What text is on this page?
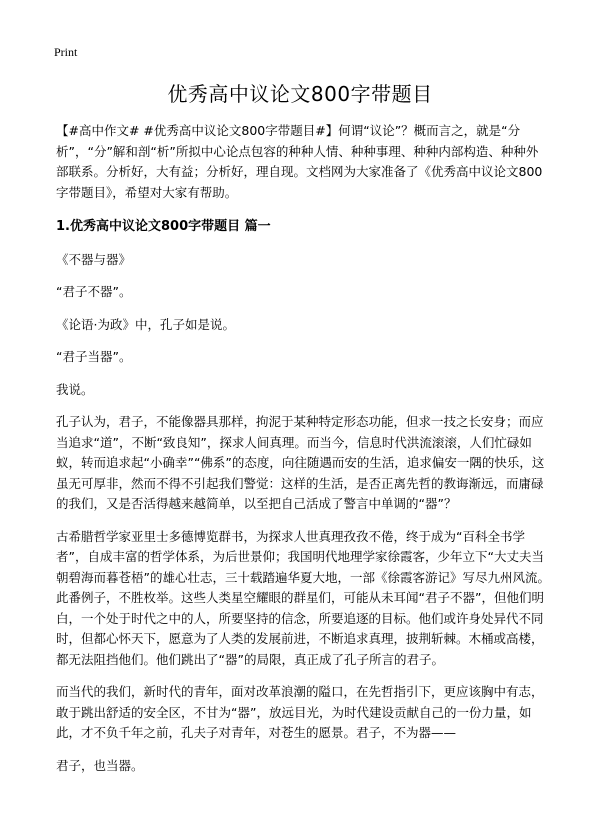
Print
优秀高中议论文800字带题目

【#高中作文# #优秀高中议论文800字带题目#】何谓“议论”？概而言之，就是“分析”，“分”解和剖“析”所拟中心论点包容的种种人情、种种事理、种种内部构造、种种外部联系。分析好，大有益；分析好，理自现。文档网为大家准备了《优秀高中议论文800字带题目》，希望对大家有帮助。

1.优秀高中议论文800字带题目 篇一

《不器与器》

“君子不器”。

《论语·为政》中，孔子如是说。

“君子当器”。

我说。

孔子认为，君子，不能像器具那样，拘泥于某种特定形态功能，但求一技之长安身；而应当追求“道”，不断“致良知”，探求人间真理。而当今，信息时代洪流滚滚，人们忙碌如蚁，转而追求起“小确幸”“佛系”的态度，向往随遇而安的生活，追求偏安一隅的快乐，这虽无可厚非，然而不得不引起我们警觉：这样的生活，是否正离先哲的教诲渐远，而庸碌的我们，又是否活得越来越简单，以至把自己活成了警言中单调的“器”？

古希腊哲学家亚里士多德博览群书，为探求人世真理孜孜不倦，终于成为“百科全书学者”，自成丰富的哲学体系，为后世景仰；我国明代地理学家徐霞客，少年立下“大丈夫当朝碧海而暮苍梧”的雄心壮志，三十载踏遍华夏大地，一部《徐霞客游记》写尽九州风流。此番例子，不胜枚举。这些人类星空耀眼的群星们，可能从未耳闻“君子不器”，但他们明白，一个处于时代之中的人，所要坚持的信念，所要追逐的目标。他们或许身处异代不同时，但都心怀天下，愿意为了人类的发展前进，不断追求真理，披荆斩棘。木桶或高楼，都无法阻挡他们。他们跳出了“器”的局限，真正成了孔子所言的君子。

而当代的我们，新时代的青年，面对改革浪潮的隘口，在先哲指引下，更应该胸中有志，敢于跳出舒适的安全区，不甘为“器”，放远目光，为时代建设贡献自己的一份力量，如此，才不负千年之前，孔夫子对青年，对苍生的愿景。君子，不为器——

君子，也当器。
